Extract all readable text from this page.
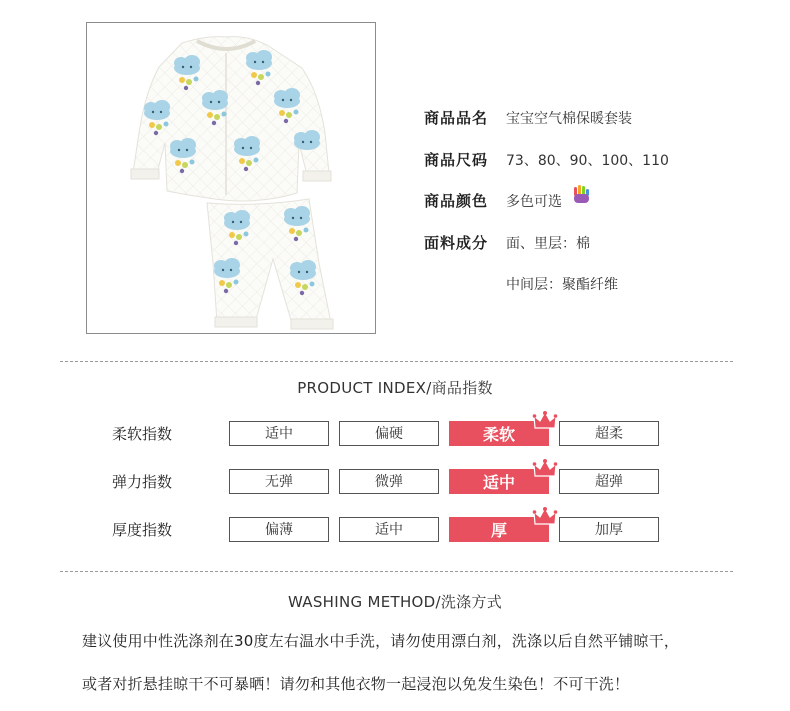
商品品名 宝宝空气棉保暖套装
商品尺码 73、80、90、100、110
商品颜色 多色可选
面料成分 面、里层：棉
中间层：聚酯纤维
PRODUCT INDEX/商品指数
柔软指数	适中	偏硬	柔软	超柔
弹力指数	无弹	微弹	适中	超弹
厚度指数	偏薄	适中	厚	加厚
WASHING METHOD/洗涤方式
建议使用中性洗涤剂在30度左右温水中手洗，请勿使用漂白剂，洗涤以后自然平铺晾干，
或者对折悬挂晾干不可暴晒！请勿和其他衣物一起浸泡以免发生染色！不可干洗！
